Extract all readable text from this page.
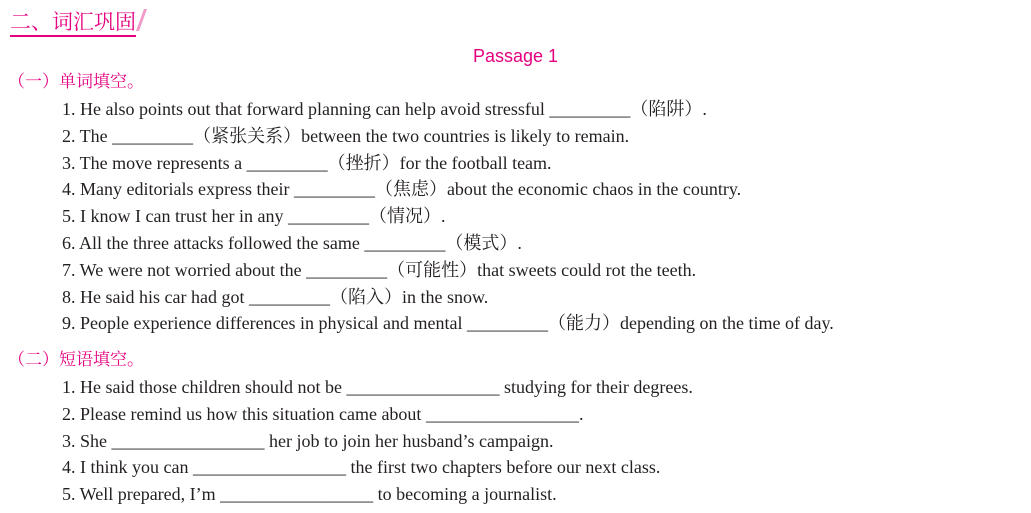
二、词汇巩固
Passage 1
（一）单词填空。
1. He also points out that forward planning can help avoid stressful _________（陷阱）.
2. The _________（紧张关系）between the two countries is likely to remain.
3. The move represents a _________（挫折）for the football team.
4. Many editorials express their _________（焦虑）about the economic chaos in the country.
5. I know I can trust her in any _________（情况）.
6. All the three attacks followed the same _________（模式）.
7. We were not worried about the _________（可能性）that sweets could rot the teeth.
8. He said his car had got _________（陷入）in the snow.
9. People experience differences in physical and mental _________（能力）depending on the time of day.
（二）短语填空。
1. He said those children should not be _________________ studying for their degrees.
2. Please remind us how this situation came about _________________.
3. She _________________ her job to join her husband’s campaign.
4. I think you can _________________ the first two chapters before our next class.
5. Well prepared, I’m _________________ to becoming a journalist.
